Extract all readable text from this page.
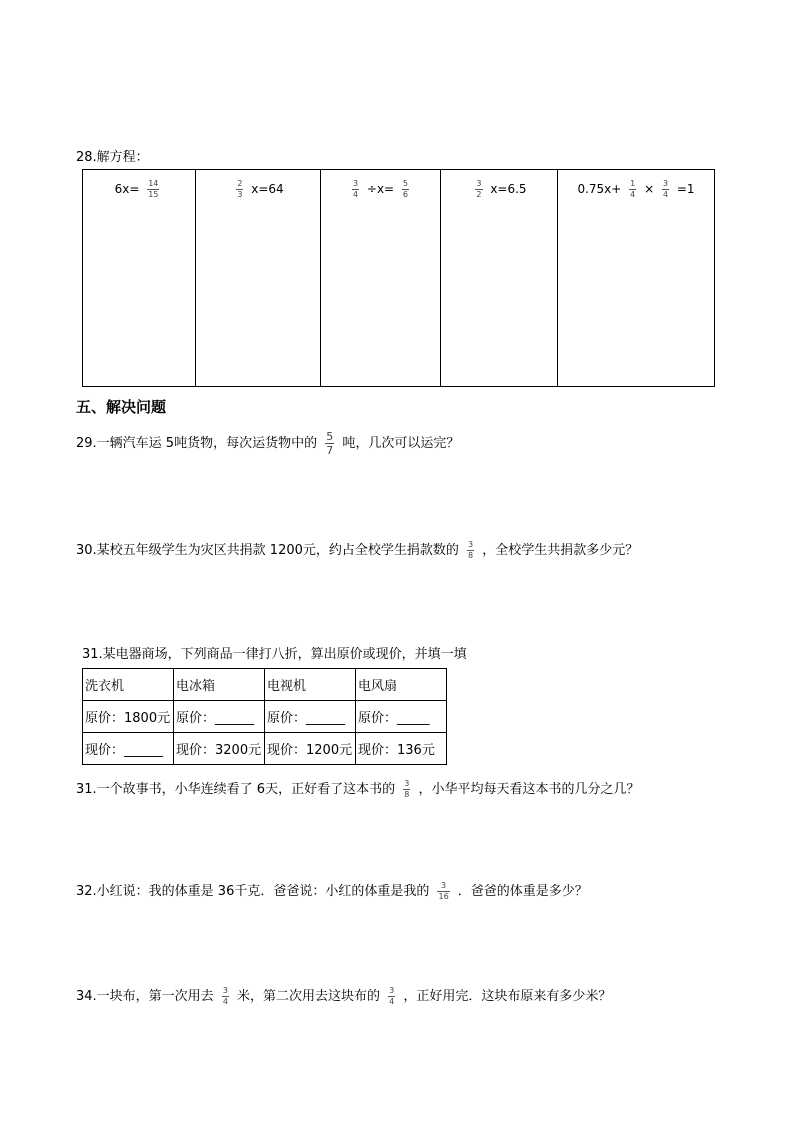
28.解方程：
$6x= \frac{14}{15}$	$\frac{2}{3} x=64$	$\frac{3}{4} \div x= \frac{5}{6}$	$\frac{3}{2} x=6.5$	$0.75x+ \frac{1}{4} \times \frac{3}{4} =1$
五、解决问题
29.一辆汽车运 5吨货物，每次运货物中的 $\frac{5}{7}$ 吨，几次可以运完？
30.某校五年级学生为灾区共捐款 1200元，约占全校学生捐款数的 $\frac{3}{8}$ ，全校学生共捐款多少元？
31.某电器商场，下列商品一律打八折，算出原价或现价，并填一填
洗衣机	电冰箱	电视机	电风扇
原价：1800元	原价：______	原价：______	原价：_____
现价：______	现价：3200元	现价：1200元	现价：136元
31.一个故事书，小华连续看了 6天，正好看了这本书的 $\frac{3}{8}$ ，小华平均每天看这本书的几分之几？
32.小红说：我的体重是 36千克．爸爸说：小红的体重是我的 $\frac{3}{16}$ ．爸爸的体重是多少？
34.一块布，第一次用去 $\frac{3}{4}$ 米，第二次用去这块布的 $\frac{3}{4}$ ，正好用完．这块布原来有多少米？
